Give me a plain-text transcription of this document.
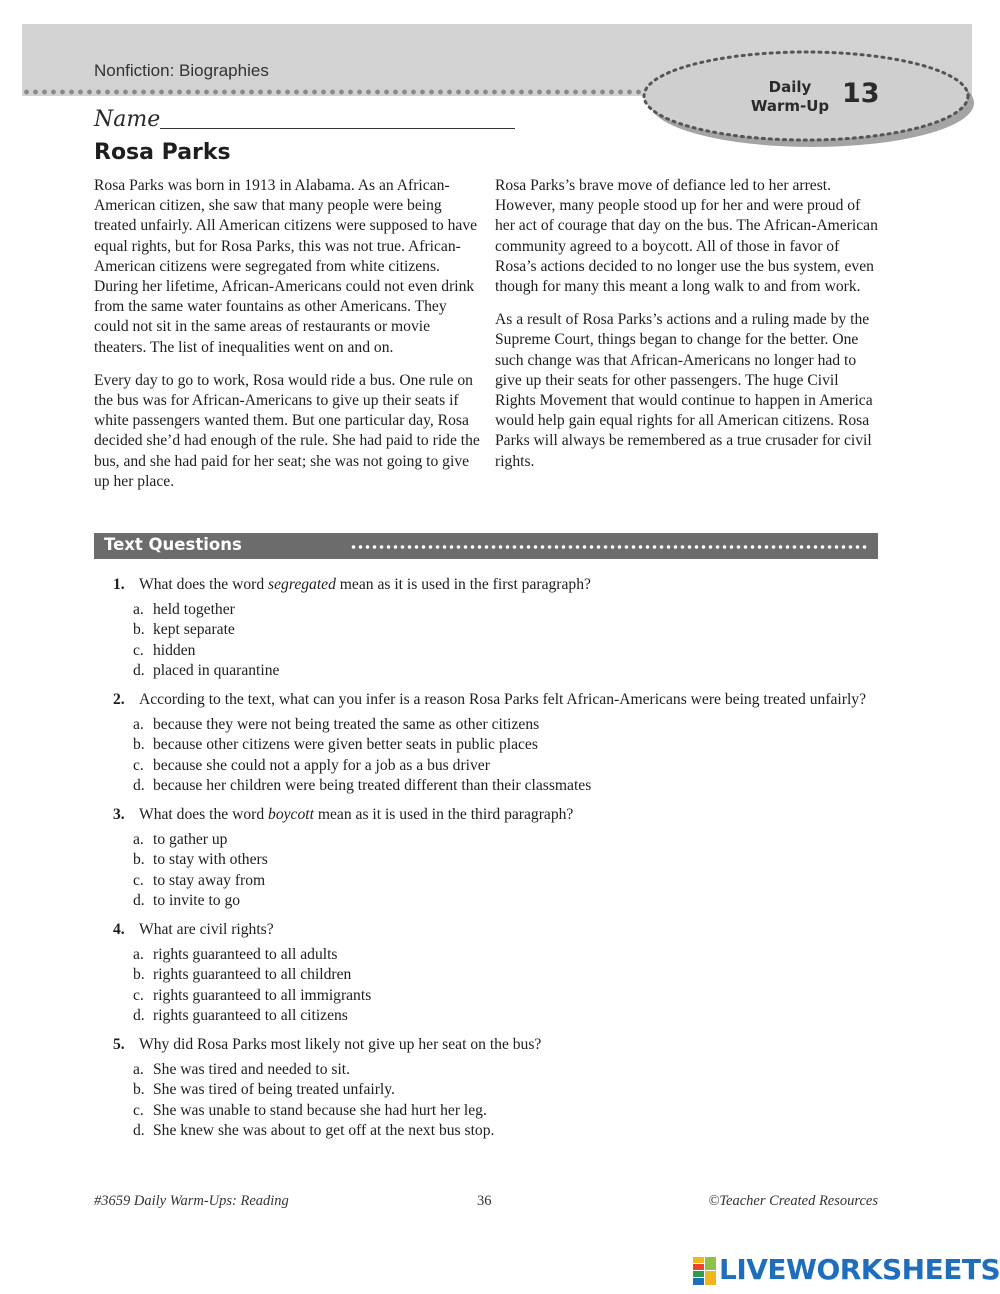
Nonfiction: Biographies
Daily Warm-Up 13
Name
Rosa Parks

Rosa Parks was born in 1913 in Alabama. As an African-American citizen, she saw that many people were being treated unfairly. All American citizens were supposed to have equal rights, but for Rosa Parks, this was not true. African-American citizens were segregated from white citizens. During her lifetime, African-Americans could not even drink from the same water fountains as other Americans. They could not sit in the same areas of restaurants or movie theaters. The list of inequalities went on and on.

Every day to go to work, Rosa would ride a bus. One rule on the bus was for African-Americans to give up their seats if white passengers wanted them. But one particular day, Rosa decided she’d had enough of the rule. She had paid to ride the bus, and she had paid for her seat; she was not going to give up her place.

Rosa Parks’s brave move of defiance led to her arrest. However, many people stood up for her and were proud of her act of courage that day on the bus. The African-American community agreed to a boycott. All of those in favor of Rosa’s actions decided to no longer use the bus system, even though for many this meant a long walk to and from work.

As a result of Rosa Parks’s actions and a ruling made by the Supreme Court, things began to change for the better. One such change was that African-Americans no longer had to give up their seats for other passengers. The huge Civil Rights Movement that would continue to happen in America would help gain equal rights for all American citizens. Rosa Parks will always be remembered as a true crusader for civil rights.

Text Questions
1. What does the word segregated mean as it is used in the first paragraph?
a. held together
b. kept separate
c. hidden
d. placed in quarantine
2. According to the text, what can you infer is a reason Rosa Parks felt African-Americans were being treated unfairly?
a. because they were not being treated the same as other citizens
b. because other citizens were given better seats in public places
c. because she could not a apply for a job as a bus driver
d. because her children were being treated different than their classmates
3. What does the word boycott mean as it is used in the third paragraph?
a. to gather up
b. to stay with others
c. to stay away from
d. to invite to go
4. What are civil rights?
a. rights guaranteed to all adults
b. rights guaranteed to all children
c. rights guaranteed to all immigrants
d. rights guaranteed to all citizens
5. Why did Rosa Parks most likely not give up her seat on the bus?
a. She was tired and needed to sit.
b. She was tired of being treated unfairly.
c. She was unable to stand because she had hurt her leg.
d. She knew she was about to get off at the next bus stop.
#3659 Daily Warm-Ups: Reading	36	©Teacher Created Resources
LIVEWORKSHEETS
